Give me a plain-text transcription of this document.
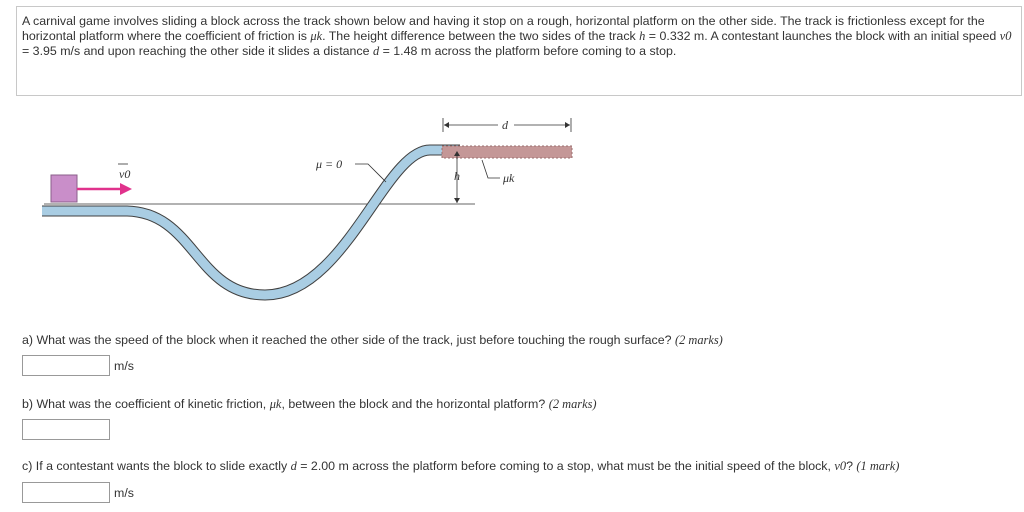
A carnival game involves sliding a block across the track shown below and having it stop on a rough, horizontal platform on the other side. The track is frictionless except for the horizontal platform where the coefficient of friction is μk. The height difference between the two sides of the track h = 0.332 m. A contestant launches the block with an initial speed v0 = 3.95 m/s and upon reaching the other side it slides a distance d = 1.48 m across the platform before coming to a stop.

v0
μ = 0
h
d
μk
a) What was the speed of the block when it reached the other side of the track, just before touching the rough surface? (2 marks)
m/s
b) What was the coefficient of kinetic friction, μk, between the block and the horizontal platform? (2 marks)
c) If a contestant wants the block to slide exactly d = 2.00 m across the platform before coming to a stop, what must be the initial speed of the block, v0? (1 mark)
m/s
